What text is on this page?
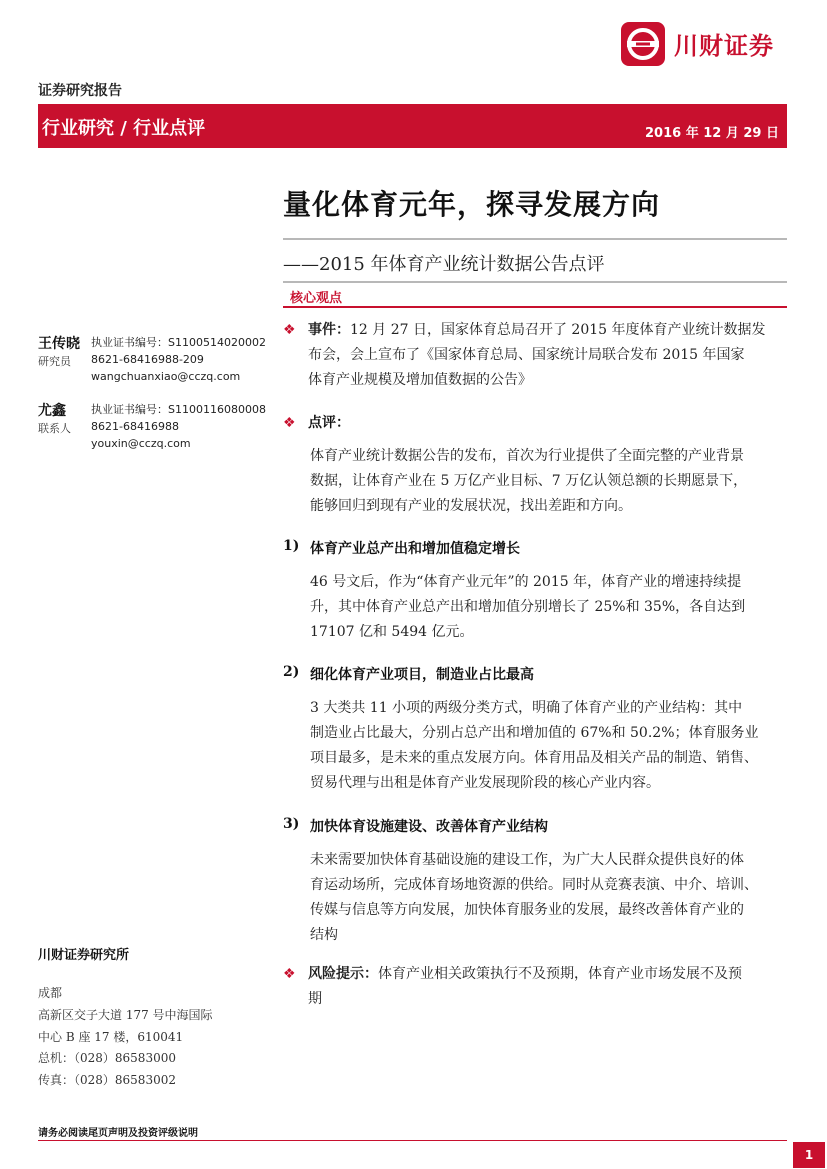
川财证券
证券研究报告
行业研究 / 行业点评	2016 年 12 月 29 日
量化体育元年，探寻发展方向
——2015 年体育产业统计数据公告点评
核心观点
王传晓
研究员
执业证书编号：S1100514020002
8621-68416988-209
wangchuanxiao@cczq.com
尤鑫
联系人
执业证书编号：S1100116080008
8621-68416988
youxin@cczq.com
❖ 事件：12 月 27 日，国家体育总局召开了 2015 年度体育产业统计数据发
布会，会上宣布了《国家体育总局、国家统计局联合发布 2015 年国家
体育产业规模及增加值数据的公告》
❖ 点评：
体育产业统计数据公告的发布，首次为行业提供了全面完整的产业背景
数据，让体育产业在 5 万亿产业目标、7 万亿认领总额的长期愿景下，
能够回归到现有产业的发展状况，找出差距和方向。
1) 体育产业总产出和增加值稳定增长
46 号文后，作为“体育产业元年”的 2015 年，体育产业的增速持续提
升，其中体育产业总产出和增加值分别增长了 25%和 35%，各自达到
17107 亿和 5494 亿元。
2) 细化体育产业项目，制造业占比最高
3 大类共 11 小项的两级分类方式，明确了体育产业的产业结构：其中
制造业占比最大，分别占总产出和增加值的 67%和 50.2%；体育服务业
项目最多，是未来的重点发展方向。体育用品及相关产品的制造、销售、
贸易代理与出租是体育产业发展现阶段的核心产业内容。
3) 加快体育设施建设、改善体育产业结构
未来需要加快体育基础设施的建设工作，为广大人民群众提供良好的体
育运动场所，完成体育场地资源的供给。同时从竞赛表演、中介、培训、
传媒与信息等方向发展，加快体育服务业的发展，最终改善体育产业的
结构
❖ 风险提示：体育产业相关政策执行不及预期，体育产业市场发展不及预
期
川财证券研究所
成都
高新区交子大道 177 号中海国际
中心 B 座 17 楼，610041
总机：（028）86583000
传真：（028）86583002
请务必阅读尾页声明及投资评级说明
1
